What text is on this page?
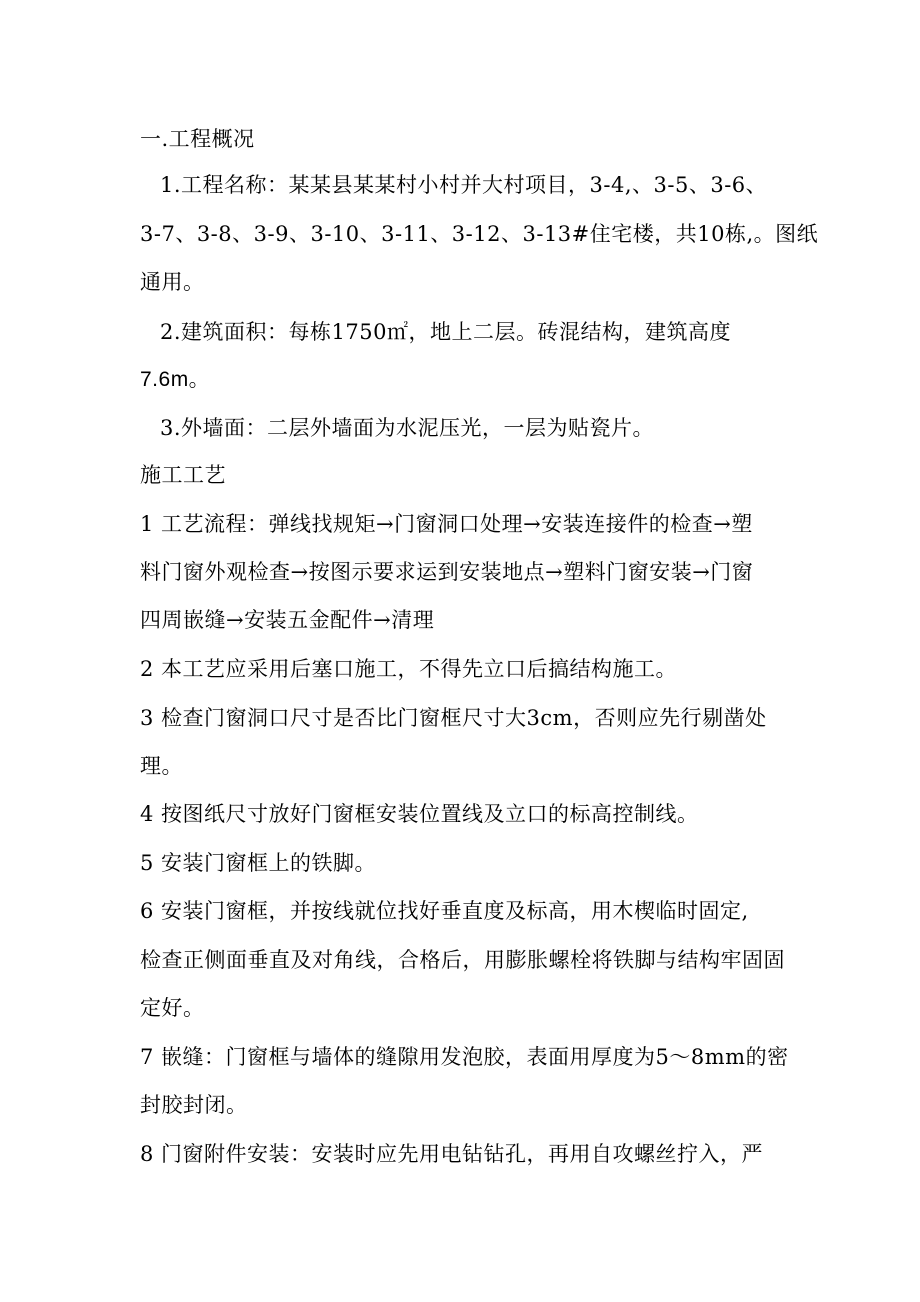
一.工程概况
1.工程名称：某某县某某村小村并大村项目，3-4,、3-5、3-6、
3-7、3-8、3-9、3-10、3-11、3-12、3-13#住宅楼，共10栋,。图纸
通用。
2.建筑面积：每栋1750㎡，地上二层。砖混结构，建筑高度
7.6m。
3.外墙面：二层外墙面为水泥压光，一层为贴瓷片。
施工工艺
1 工艺流程：弹线找规矩→门窗洞口处理→安装连接件的检查→塑
料门窗外观检查→按图示要求运到安装地点→塑料门窗安装→门窗
四周嵌缝→安装五金配件→清理
2 本工艺应采用后塞口施工，不得先立口后搞结构施工。
3 检查门窗洞口尺寸是否比门窗框尺寸大3cm，否则应先行剔凿处
理。
4 按图纸尺寸放好门窗框安装位置线及立口的标高控制线。
5 安装门窗框上的铁脚。
6 安装门窗框，并按线就位找好垂直度及标高，用木楔临时固定,
检查正侧面垂直及对角线，合格后，用膨胀螺栓将铁脚与结构牢固固
定好。
7 嵌缝：门窗框与墙体的缝隙用发泡胶，表面用厚度为5～8mm的密
封胶封闭。
8 门窗附件安装：安装时应先用电钻钻孔，再用自攻螺丝拧入，严
